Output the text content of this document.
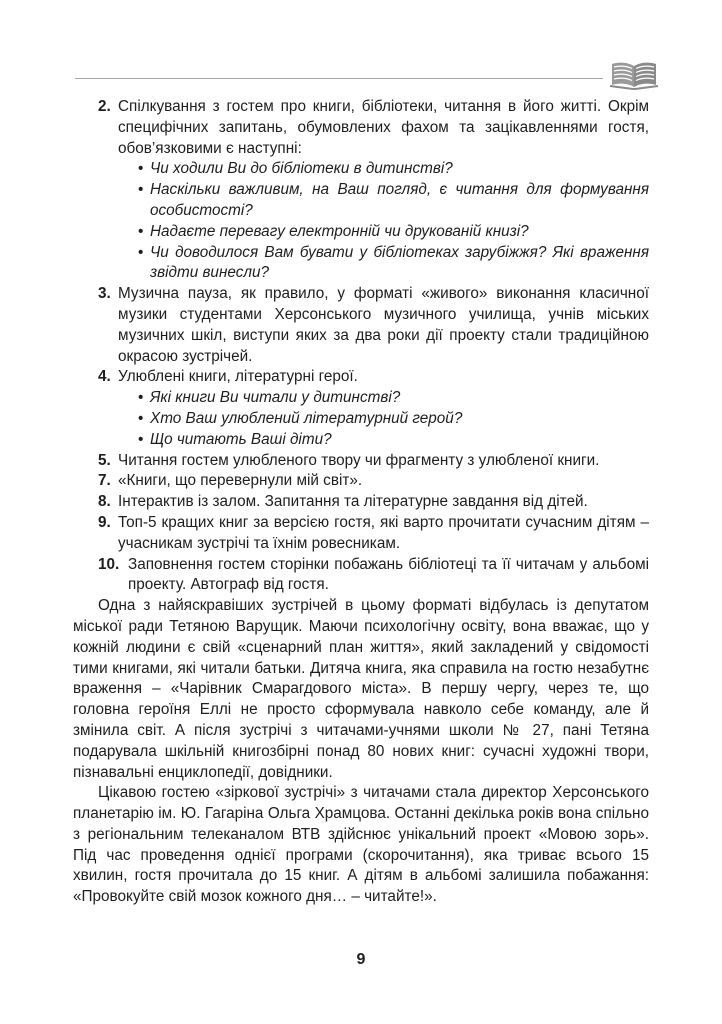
2. Спілкування з гостем про книги, бібліотеки, читання в його житті. Окрім специфічних запитань, обумовлених фахом та зацікавленнями гостя, обов’язковими є наступні:
• Чи ходили Ви до бібліотеки в дитинстві?
• Наскільки важливим, на Ваш погляд, є читання для формування особистості?
• Надаєте перевагу електронній чи друкованій книзі?
• Чи доводилося Вам бувати у бібліотеках зарубіжжя? Які враження звідти винесли?
3. Музична пауза, як правило, у форматі «живого» виконання класичної музики студентами Херсонського музичного училища, учнів міських музичних шкіл, виступи яких за два роки дії проекту стали традиційною окрасою зустрічей.
4. Улюблені книги, літературні герої.
• Які книги Ви читали у дитинстві?
• Хто Ваш улюблений літературний герой?
• Що читають Ваші діти?
5. Читання гостем улюбленого твору чи фрагменту з улюбленої книги.
7. «Книги, що перевернули мій світ».
8. Інтерактив із залом. Запитання та літературне завдання від дітей.
9. Топ-5 кращих книг за версією гостя, які варто прочитати сучасним дітям – учасникам зустрічі та їхнім ровесникам.
10. Заповнення гостем сторінки побажань бібліотеці та її читачам у альбомі проекту. Автограф від гостя.

Одна з найяскравіших зустрічей в цьому форматі відбулась із депутатом міської ради Тетяною Варущик. Маючи психологічну освіту, вона вважає, що у кожній людини є свій «сценарний план життя», який закладений у свідомості тими книгами, які читали батьки. Дитяча книга, яка справила на гостю незабутнє враження – «Чарівник Смарагдового міста». В першу чергу, через те, що головна героїня Еллі не просто сформувала навколо себе команду, але й змінила світ. А після зустрічі з читачами-учнями школи № 27, пані Тетяна подарувала шкільній книгозбірні понад 80 нових книг: сучасні художні твори, пізнавальні енциклопедії, довідники.

Цікавою гостею «зіркової зустрічі» з читачами стала директор Херсонського планетарію ім. Ю. Гагаріна Ольга Храмцова. Останні декілька років вона спільно з регіональним телеканалом ВТВ здійснює унікальний проект «Мовою зорь». Під час проведення однієї програми (скорочитання), яка триває всього 15 хвилин, гостя прочитала до 15 книг. А дітям в альбомі залишила побажання: «Провокуйте свій мозок кожного дня… – читайте!».

9
